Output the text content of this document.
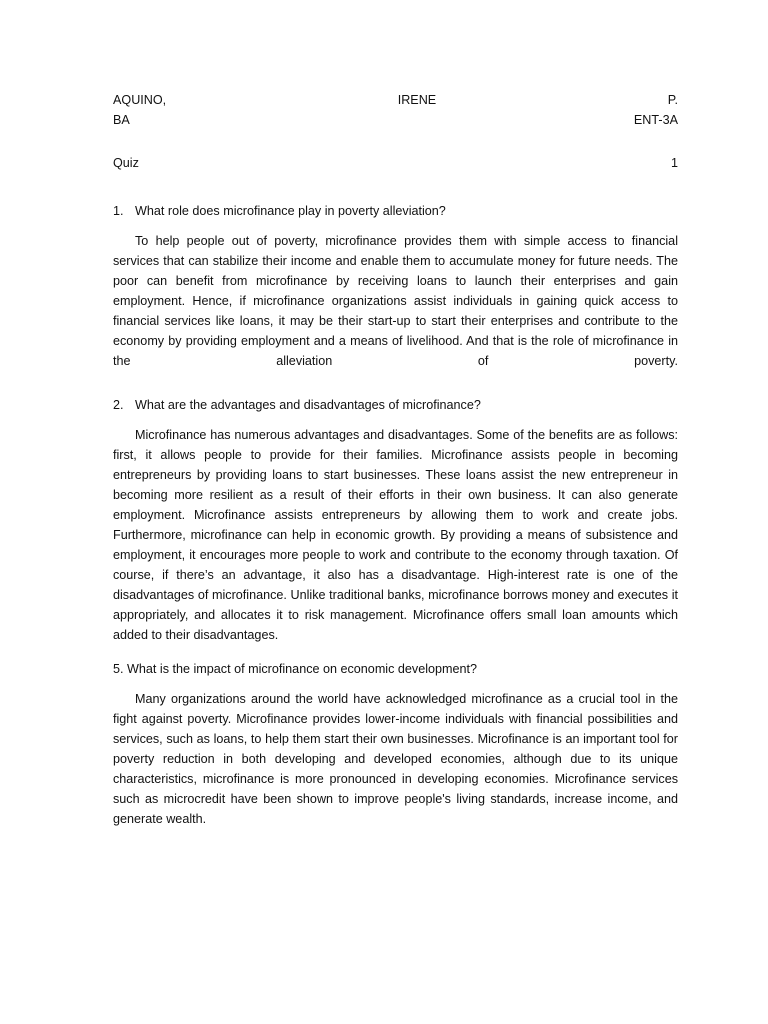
AQUINO,	IRENE	P.
BA	ENT-3A
Quiz	1
1. What role does microfinance play in poverty alleviation?

To help people out of poverty, microfinance provides them with simple access to financial services that can stabilize their income and enable them to accumulate money for future needs. The poor can benefit from microfinance by receiving loans to launch their enterprises and gain employment. Hence, if microfinance organizations assist individuals in gaining quick access to financial services like loans, it may be their start-up to start their enterprises and contribute to the economy by providing employment and a means of livelihood. And that is the role of microfinance in the alleviation of poverty.

2. What are the advantages and disadvantages of microfinance?

Microfinance has numerous advantages and disadvantages. Some of the benefits are as follows: first, it allows people to provide for their families. Microfinance assists people in becoming entrepreneurs by providing loans to start businesses. These loans assist the new entrepreneur in becoming more resilient as a result of their efforts in their own business. It can also generate employment. Microfinance assists entrepreneurs by allowing them to work and create jobs. Furthermore, microfinance can help in economic growth. By providing a means of subsistence and employment, it encourages more people to work and contribute to the economy through taxation. Of course, if there’s an advantage, it also has a disadvantage. High-interest rate is one of the disadvantages of microfinance. Unlike traditional banks, microfinance borrows money and executes it appropriately, and allocates it to risk management. Microfinance offers small loan amounts which added to their disadvantages.

5. What is the impact of microfinance on economic development?

Many organizations around the world have acknowledged microfinance as a crucial tool in the fight against poverty. Microfinance provides lower-income individuals with financial possibilities and services, such as loans, to help them start their own businesses. Microfinance is an important tool for poverty reduction in both developing and developed economies, although due to its unique characteristics, microfinance is more pronounced in developing economies. Microfinance services such as microcredit have been shown to improve people's living standards, increase income, and generate wealth.
